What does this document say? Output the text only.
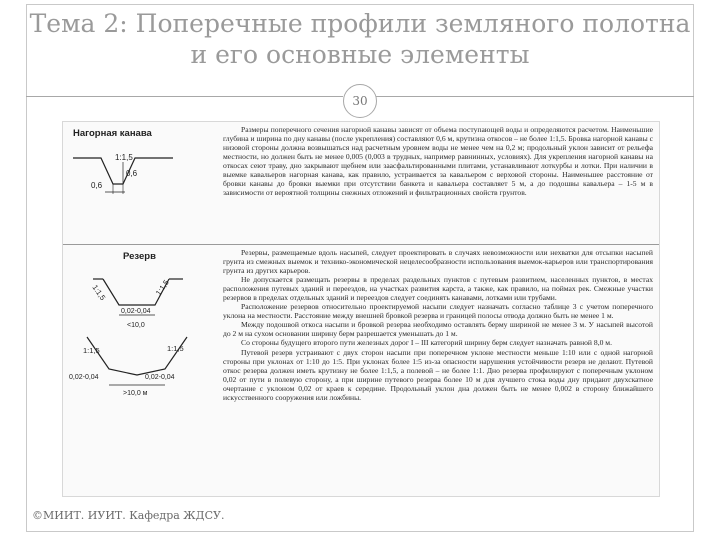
Тема 2: Поперечные профили земляного полотна
и его основные элементы
30
Нагорная канава
1:1,5
0,6
0,6

Размеры поперечного сечения нагорной канавы зависят от объема поступающей воды и определяются расчетом. Наименьшие глубина и ширина по дну канавы (после укрепления) составляют 0,6 м, крутизна откосов – не более 1:1,5. Бровка нагорной канавы с низовой стороны должна возвышаться над расчетным уровнем воды не менее чем на 0,2 м; продольный уклон зависит от рельефа местности, но должен быть не менее 0,005 (0,003 в трудных, например равнинных, условиях). Для укрепления нагорной канавы на откосах сеют траву, дно закрывают щебнем или заасфальтированными плитами, устанавливают лоткурбы и лотки. При наличии в выемке кавальеров нагорная канава, как правило, устраивается за кавальером с верховой стороны. Наименьшее расстояние от бровки канавы до бровки выемки при отсутствии банкета и кавальера составляет 5 м, а до подошвы кавальера – 1-5 м в зависимости от вероятной толщины снежных отложений и фильтрационных свойств грунтов.

Резерв
1:1,5	1:1,5
0,02-0,04
<10,0
1:1,5	1:1,5
0,02-0,04	0,02-0,04
>10,0 м

Резервы, размещаемые вдоль насыпей, следует проектировать в случаях невозможности или нехватки для отсыпки насыпей грунта из смежных выемок и технико-экономической нецелесообразности использования выемок-карьеров или транспортирования грунта из других карьеров.

Не допускается размещать резервы в пределах раздельных пунктов с путевым развитием, населенных пунктов, в местах расположения путевых зданий и переездов, на участках развития карста, а также, как правило, на поймах рек. Смежные участки резервов в пределах отдельных зданий и переездов следует соединять канавами, лотками или трубами.

Расположение резервов относительно проектируемой насыпи следует назначать согласно таблице 3 с учетом поперечного уклона на местности. Расстояние между внешней бровкой резерва и границей полосы отвода должно быть не менее 1 м.

Между подошвой откоса насыпи и бровкой резерва необходимо оставлять берму шириной не менее 3 м. У насыпей высотой до 2 м на сухом основании ширину берм разрешается уменьшать до 1 м.

Со стороны будущего второго пути железных дорог I – III категорий ширину берм следует назначать равной 8,0 м.

Путевой резерв устраивают с двух сторон насыпи при поперечном уклоне местности меньше 1:10 или с одной нагорной стороны при уклонах от 1:10 до 1:5. При уклонах более 1:5 из-за опасности нарушения устойчивости резерв не делают. Путевой откос резерва должен иметь крутизну не более 1:1,5, а полевой – не более 1:1. Дно резерва профилируют с поперечным уклоном 0,02 от пути в полевую сторону, а при ширине путевого резерва более 10 м для лучшего стока воды дну придают двухскатное очертание с уклоном 0,02 от краев к середине. Продольный уклон дна должен быть не менее 0,002 в сторону ближайшего искусственного сооружения или ложбины.

©МИИТ. ИУИТ. Кафедра ЖДСУ.
